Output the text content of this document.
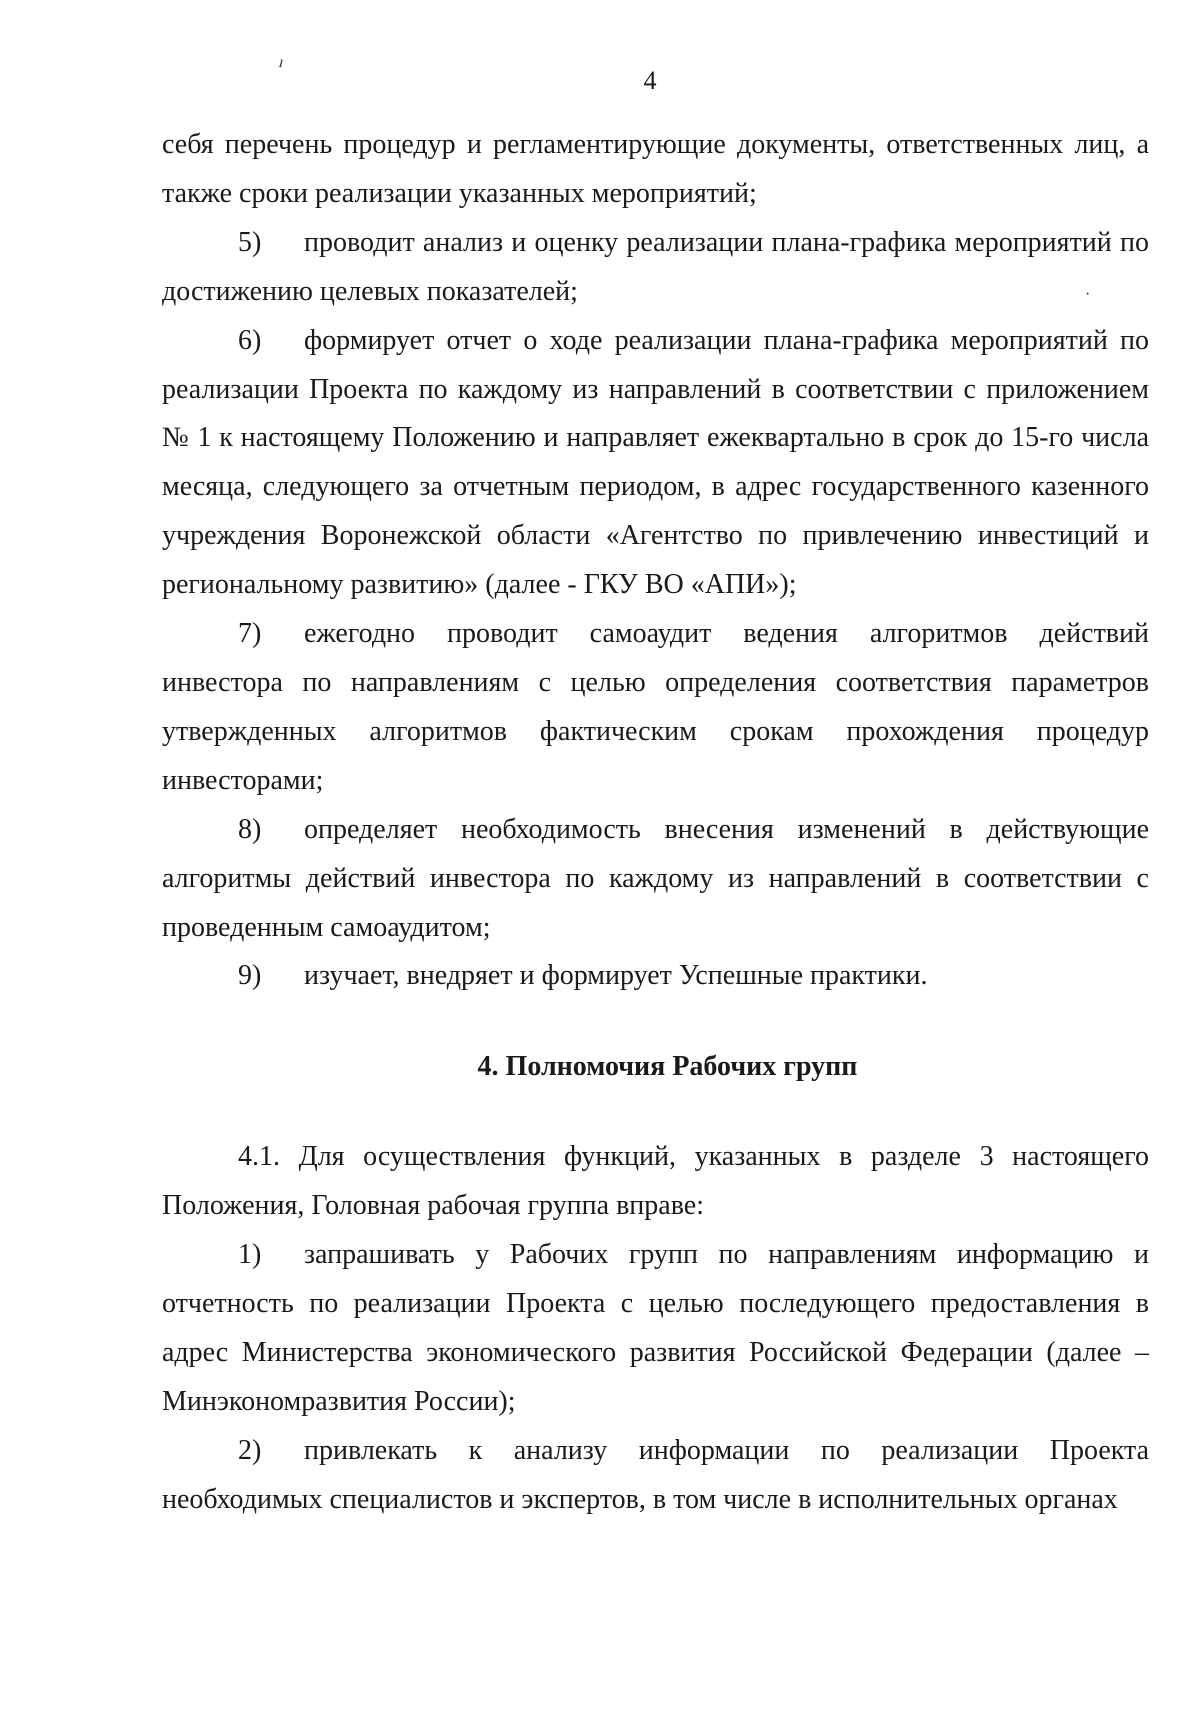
ı
·
4

себя перечень процедур и регламентирующие документы, ответственных лиц, а также сроки реализации указанных мероприятий;

5) проводит анализ и оценку реализации плана-графика мероприятий по достижению целевых показателей;

6) формирует отчет о ходе реализации плана-графика мероприятий по реализации Проекта по каждому из направлений в соответствии с приложением № 1 к настоящему Положению и направляет ежеквартально в срок до 15-го числа месяца, следующего за отчетным периодом, в адрес государственного казенного учреждения Воронежской области «Агентство по привлечению инвестиций и региональному развитию» (далее - ГКУ ВО «АПИ»);

7) ежегодно проводит самоаудит ведения алгоритмов действий инвестора по направлениям с целью определения соответствия параметров утвержденных алгоритмов фактическим срокам прохождения процедур инвесторами;

8) определяет необходимость внесения изменений в действующие алгоритмы действий инвестора по каждому из направлений в соответствии с проведенным самоаудитом;

9) изучает, внедряет и формирует Успешные практики.

4. Полномочия Рабочих групп

4.1. Для осуществления функций, указанных в разделе 3 настоящего Положения, Головная рабочая группа вправе:

1) запрашивать у Рабочих групп по направлениям информацию и отчетность по реализации Проекта с целью последующего предоставления в адрес Министерства экономического развития Российской Федерации (далее – Минэкономразвития России);

2) привлекать к анализу информации по реализации Проекта необходимых специалистов и экспертов, в том числе в исполнительных органах
